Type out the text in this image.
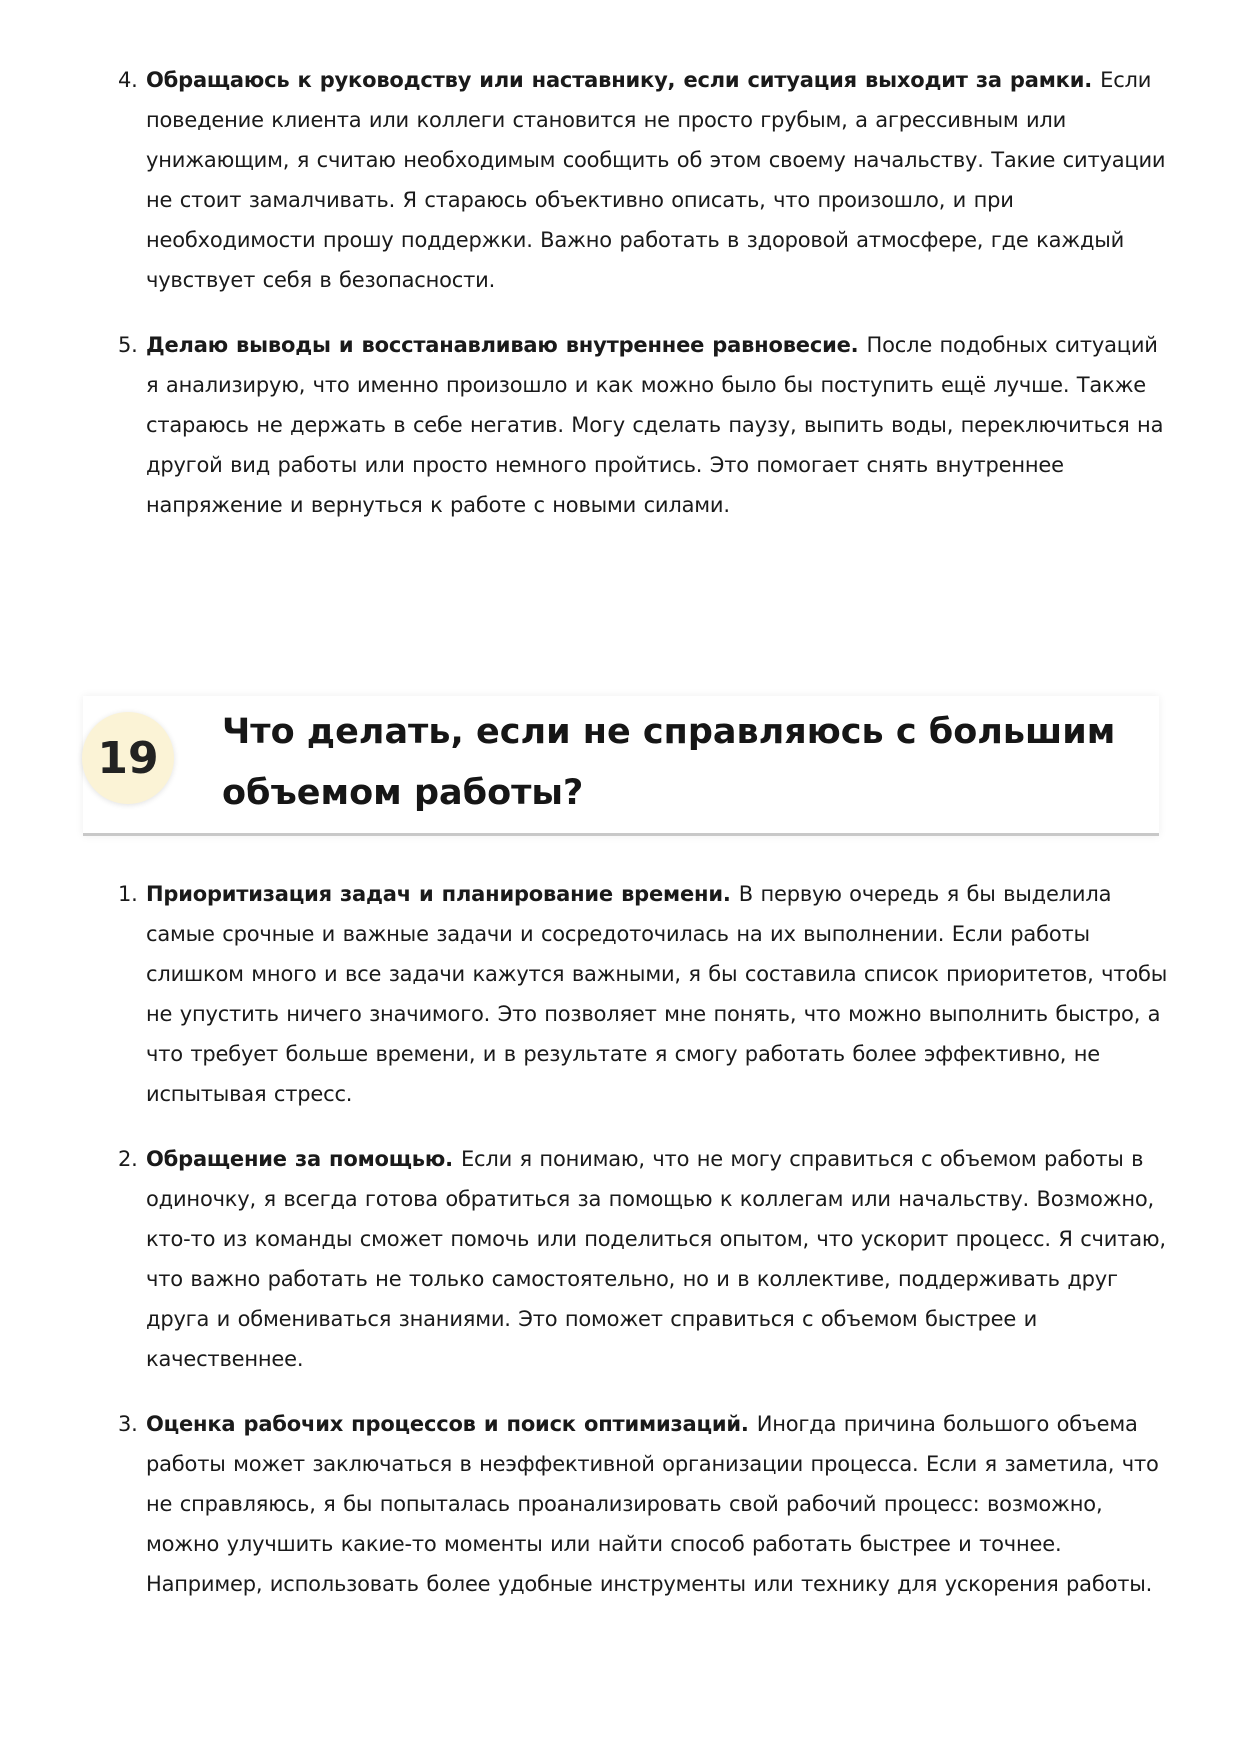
4. Обращаюсь к руководству или наставнику, если ситуация выходит за рамки. Если поведение клиента или коллеги становится не просто грубым, а агрессивным или унижающим, я считаю необходимым сообщить об этом своему начальству. Такие ситуации не стоит замалчивать. Я стараюсь объективно описать, что произошло, и при необходимости прошу поддержки. Важно работать в здоровой атмосфере, где каждый чувствует себя в безопасности.
5. Делаю выводы и восстанавливаю внутреннее равновесие. После подобных ситуаций я анализирую, что именно произошло и как можно было бы поступить ещё лучше. Также стараюсь не держать в себе негатив. Могу сделать паузу, выпить воды, переключиться на другой вид работы или просто немного пройтись. Это помогает снять внутреннее напряжение и вернуться к работе с новыми силами.
19
Что делать, если не справляюсь с большим объемом работы?
1. Приоритизация задач и планирование времени. В первую очередь я бы выделила самые срочные и важные задачи и сосредоточилась на их выполнении. Если работы слишком много и все задачи кажутся важными, я бы составила список приоритетов, чтобы не упустить ничего значимого. Это позволяет мне понять, что можно выполнить быстро, а что требует больше времени, и в результате я смогу работать более эффективно, не испытывая стресс.
2. Обращение за помощью. Если я понимаю, что не могу справиться с объемом работы в одиночку, я всегда готова обратиться за помощью к коллегам или начальству. Возможно, кто-то из команды сможет помочь или поделиться опытом, что ускорит процесс. Я считаю, что важно работать не только самостоятельно, но и в коллективе, поддерживать друг друга и обмениваться знаниями. Это поможет справиться с объемом быстрее и качественнее.
3. Оценка рабочих процессов и поиск оптимизаций. Иногда причина большого объема работы может заключаться в неэффективной организации процесса. Если я заметила, что не справляюсь, я бы попыталась проанализировать свой рабочий процесс: возможно, можно улучшить какие-то моменты или найти способ работать быстрее и точнее. Например, использовать более удобные инструменты или технику для ускорения работы.
